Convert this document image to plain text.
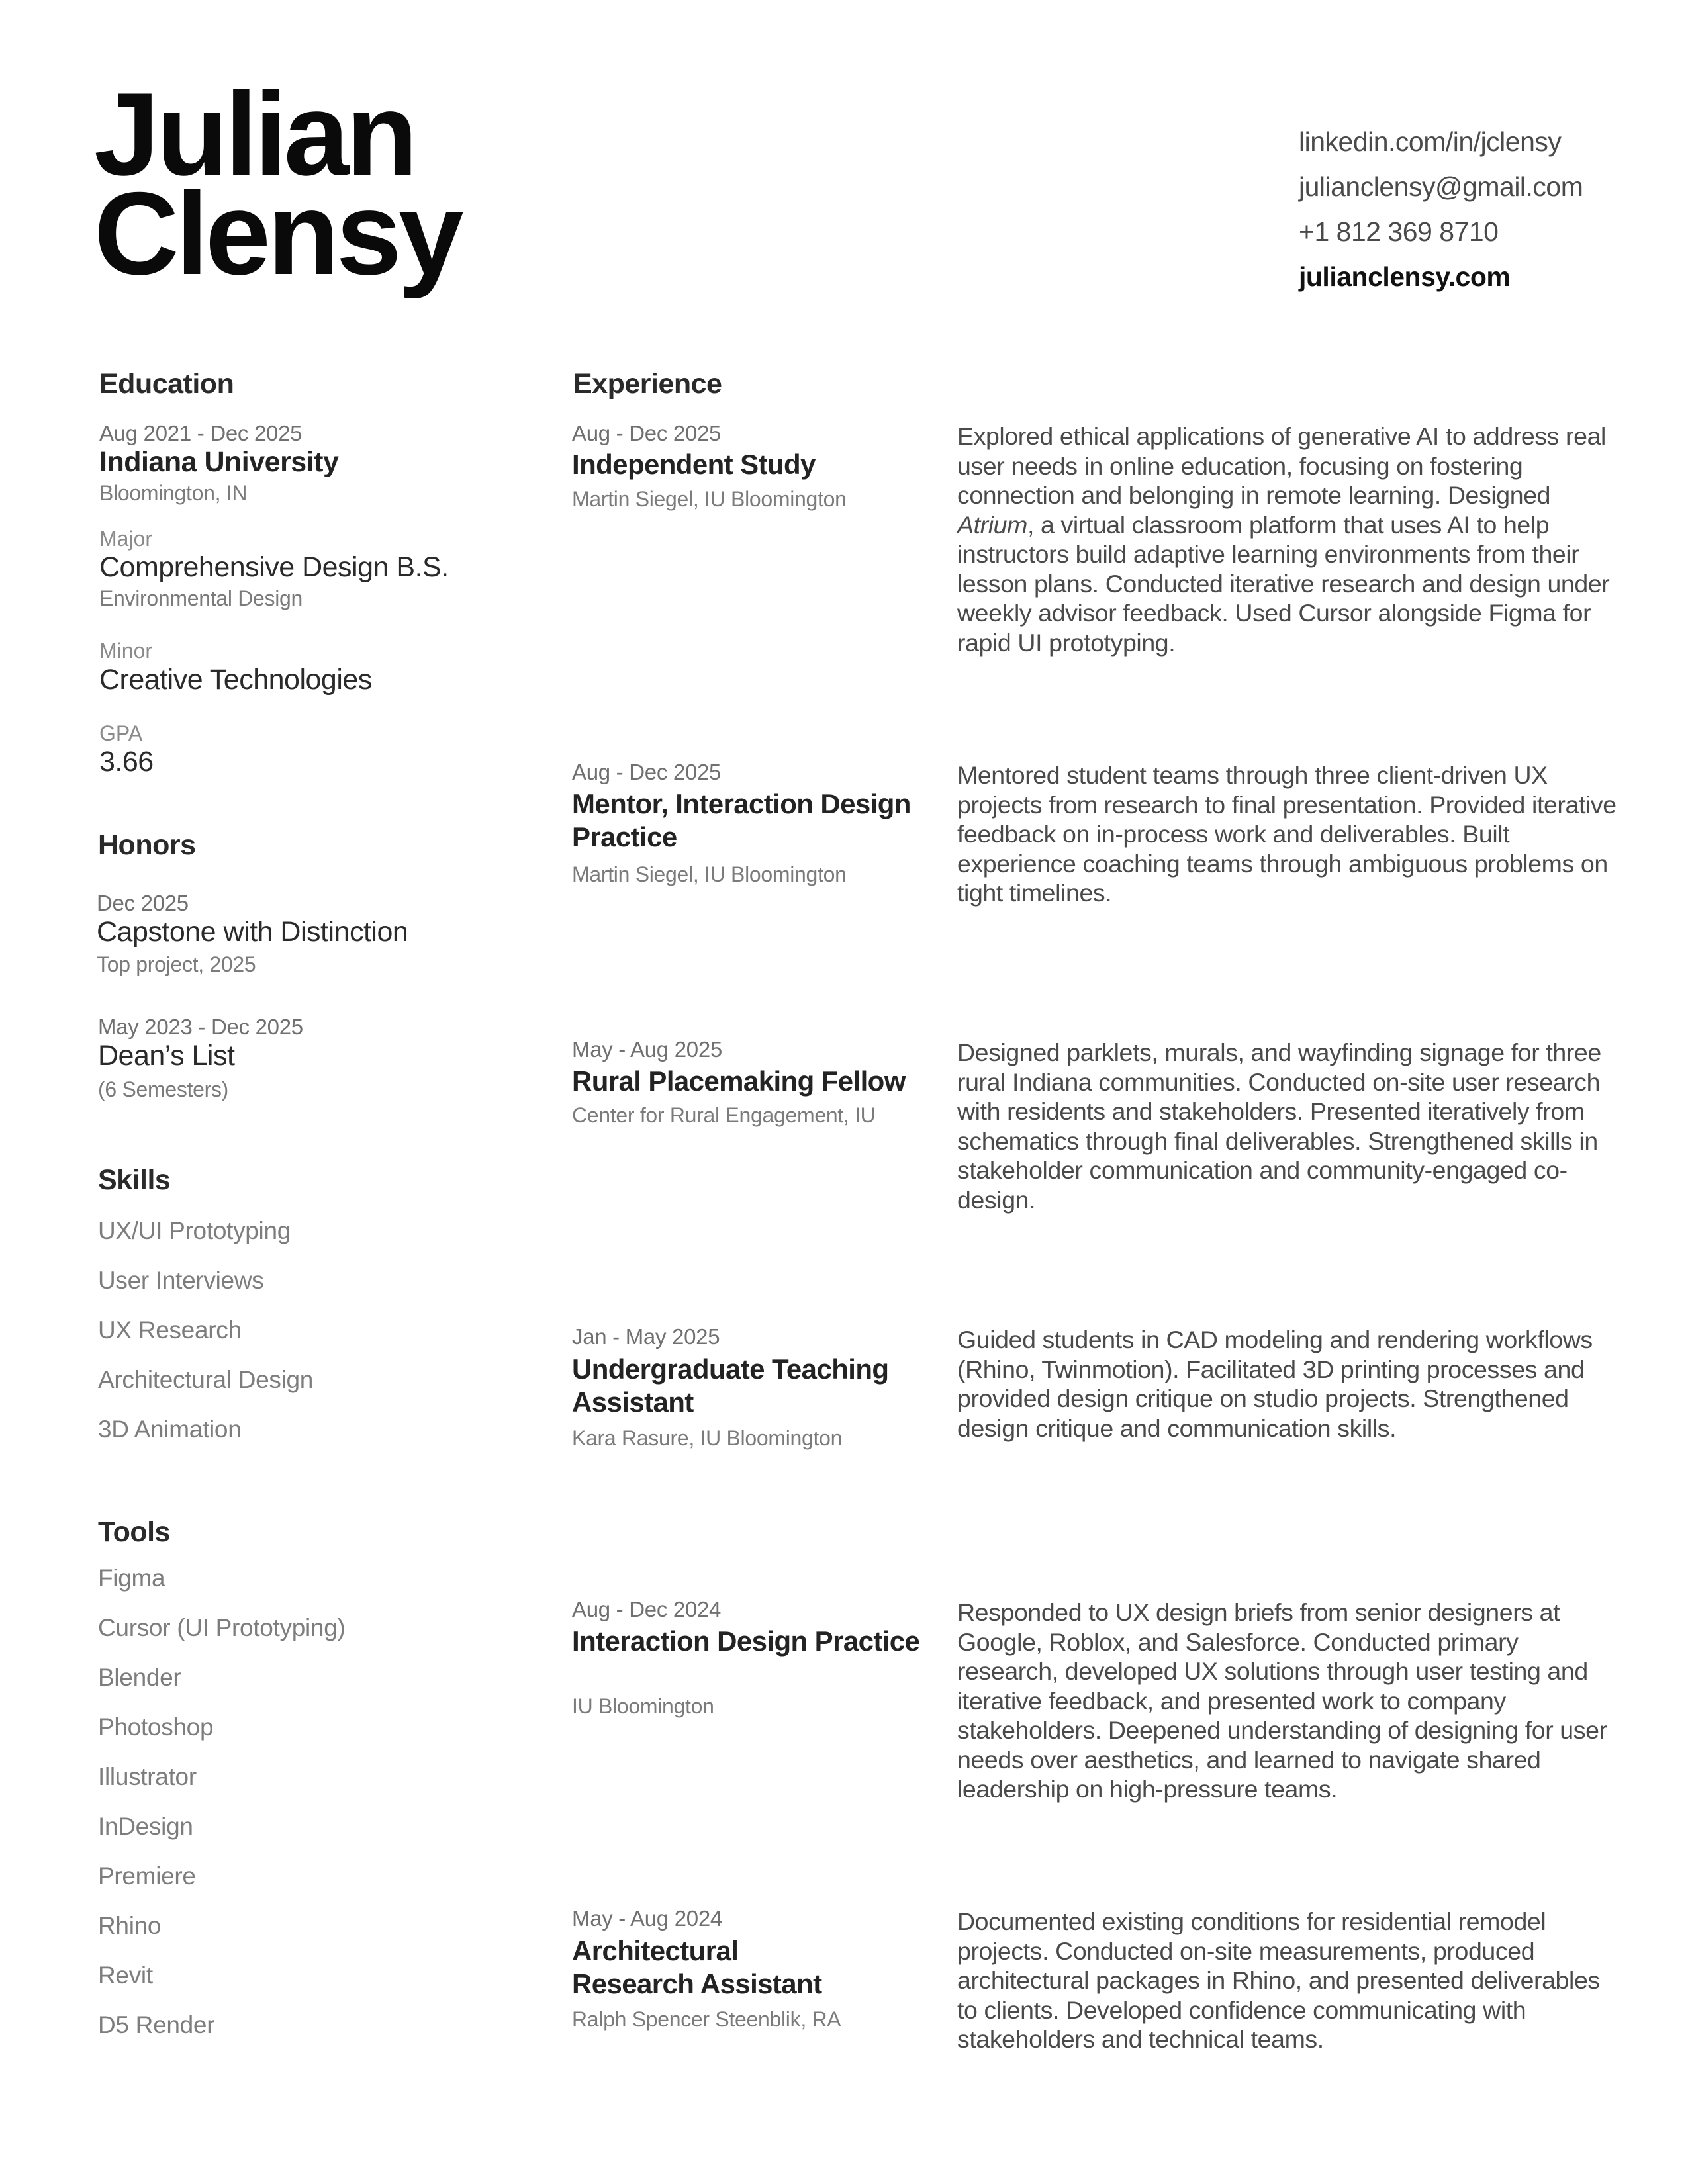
Julian
Clensy
linkedin.com/in/jclensy
julianclensy@gmail.com
+1 812 369 8710
julianclensy.com
Education
Aug 2021 - Dec 2025
Indiana University
Bloomington, IN
Major
Comprehensive Design B.S.
Environmental Design
Minor
Creative Technologies
GPA
3.66
Honors
Dec 2025
Capstone with Distinction
Top project, 2025
May 2023 - Dec 2025
Dean’s List
(6 Semesters)
Skills
UX/UI Prototyping
User Interviews
UX Research
Architectural Design
3D Animation
Tools
Figma
Cursor (UI Prototyping)
Blender
Photoshop
Illustrator
InDesign
Premiere
Rhino
Revit
D5 Render
Experience
Aug - Dec 2025
Independent Study
Martin Siegel, IU Bloomington
Explored ethical applications of generative AI to address real user needs in online education, focusing on fostering connection and belonging in remote learning. Designed Atrium, a virtual classroom platform that uses AI to help instructors build adaptive learning environments from their lesson plans. Conducted iterative research and design under weekly advisor feedback. Used Cursor alongside Figma for rapid UI prototyping.
Aug - Dec 2025
Mentor, Interaction Design Practice
Martin Siegel, IU Bloomington
Mentored student teams through three client-driven UX projects from research to final presentation. Provided iterative feedback on in-process work and deliverables. Built experience coaching teams through ambiguous problems on tight timelines.
May - Aug 2025
Rural Placemaking Fellow
Center for Rural Engagement, IU
Designed parklets, murals, and wayfinding signage for three rural Indiana communities. Conducted on-site user research with residents and stakeholders. Presented iteratively from schematics through final deliverables. Strengthened skills in stakeholder communication and community-engaged co-design.
Jan - May 2025
Undergraduate Teaching Assistant
Kara Rasure, IU Bloomington
Guided students in CAD modeling and rendering workflows (Rhino, Twinmotion). Facilitated 3D printing processes and provided design critique on studio projects. Strengthened design critique and communication skills.
Aug - Dec 2024
Interaction Design Practice
IU Bloomington
Responded to UX design briefs from senior designers at Google, Roblox, and Salesforce. Conducted primary research, developed UX solutions through user testing and iterative feedback, and presented work to company stakeholders. Deepened understanding of designing for user needs over aesthetics, and learned to navigate shared leadership on high-pressure teams.
May - Aug 2024
Architectural Research Assistant
Ralph Spencer Steenblik, RA
Documented existing conditions for residential remodel projects. Conducted on-site measurements, produced architectural packages in Rhino, and presented deliverables to clients. Developed confidence communicating with stakeholders and technical teams.
